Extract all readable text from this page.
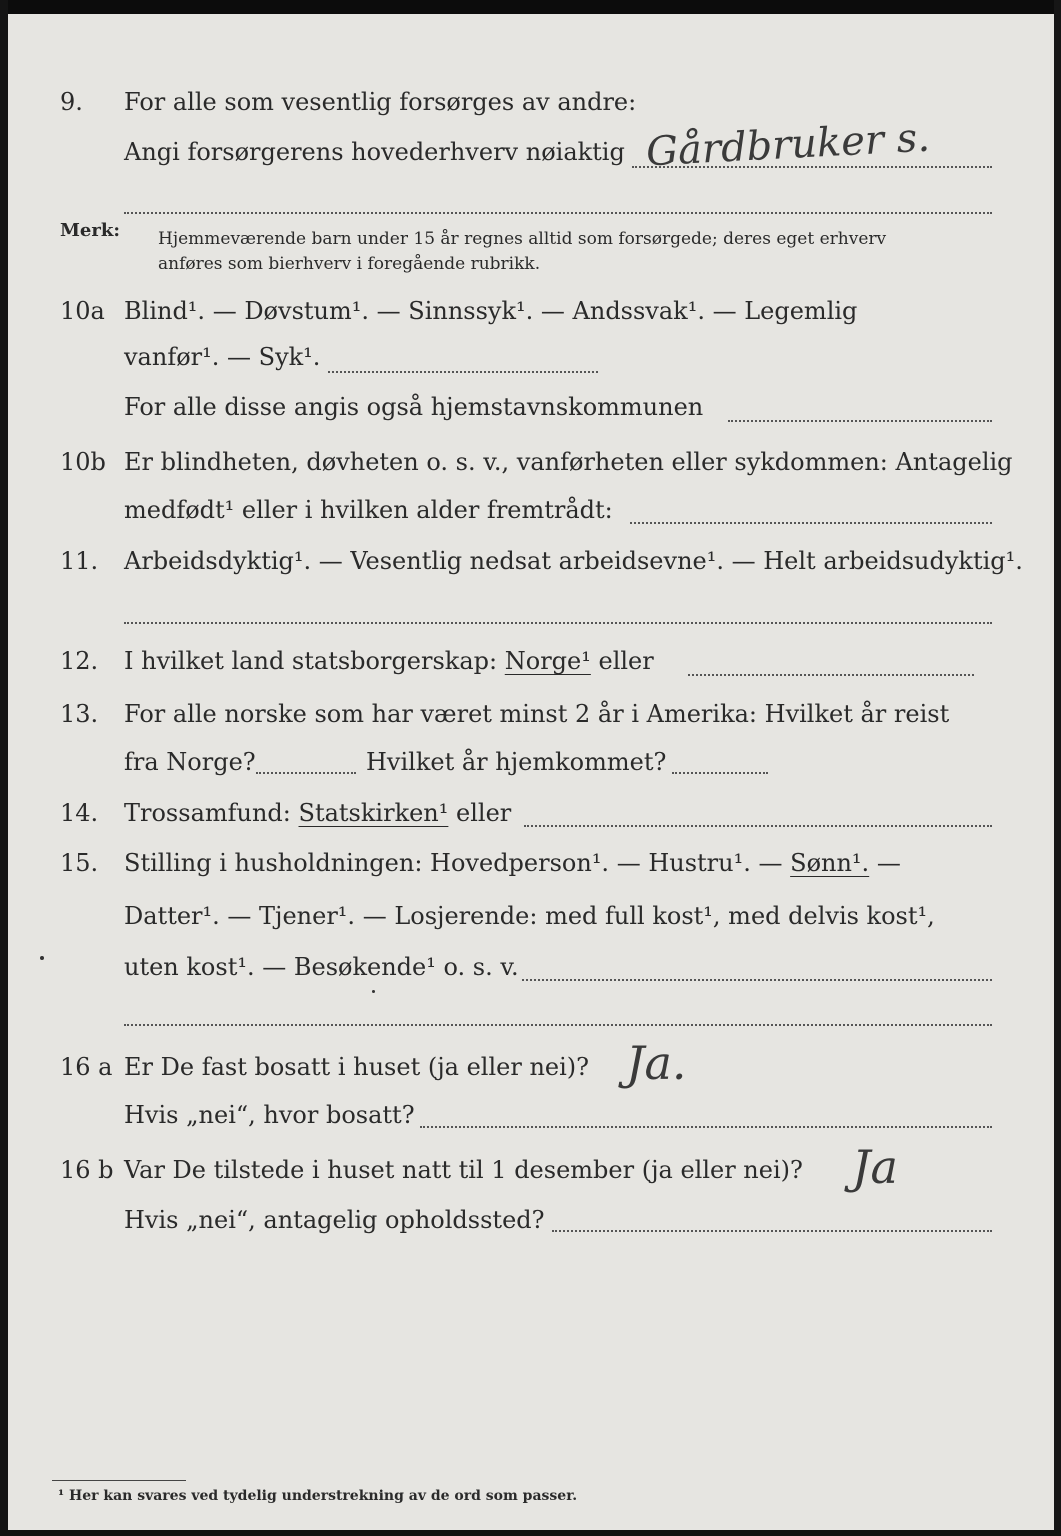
9. For alle som vesentlig forsørges av andre:
Angi forsørgerens hovederhverv nøiaktig Gårdbruker s.
Merk: Hjemmeværende barn under 15 år regnes alltid som forsørgede; deres eget erhverv
anføres som bierhverv i foregående rubrikk.
10a Blind¹. — Døvstum¹. — Sinnssyk¹. — Andssvak¹. — Legemlig
vanfør¹. — Syk¹.
For alle disse angis også hjemstavnskommunen
10b Er blindheten, døvheten o. s. v., vanførheten eller sykdommen: Antagelig
medfødt¹ eller i hvilken alder fremtrådt:
11. Arbeidsdyktig¹. — Vesentlig nedsat arbeidsevne¹. — Helt arbeidsudyktig¹.
12. I hvilket land statsborgerskap: Norge¹ eller
13. For alle norske som har været minst 2 år i Amerika: Hvilket år reist
fra Norge?	Hvilket år hjemkommet?
14. Trossamfund: Statskirken¹ eller
15. Stilling i husholdningen: Hovedperson¹. — Hustru¹. — Sønn¹. —
Datter¹. — Tjener¹. — Losjerende: med full kost¹, med delvis kost¹,
uten kost¹. — Besøkende¹ o. s. v.
16 a Er De fast bosatt i huset (ja eller nei)? Ja.
Hvis „nei“, hvor bosatt?
16 b Var De tilstede i huset natt til 1 desember (ja eller nei)? Ja
Hvis „nei“, antagelig opholdssted?
¹ Her kan svares ved tydelig understrekning av de ord som passer.
